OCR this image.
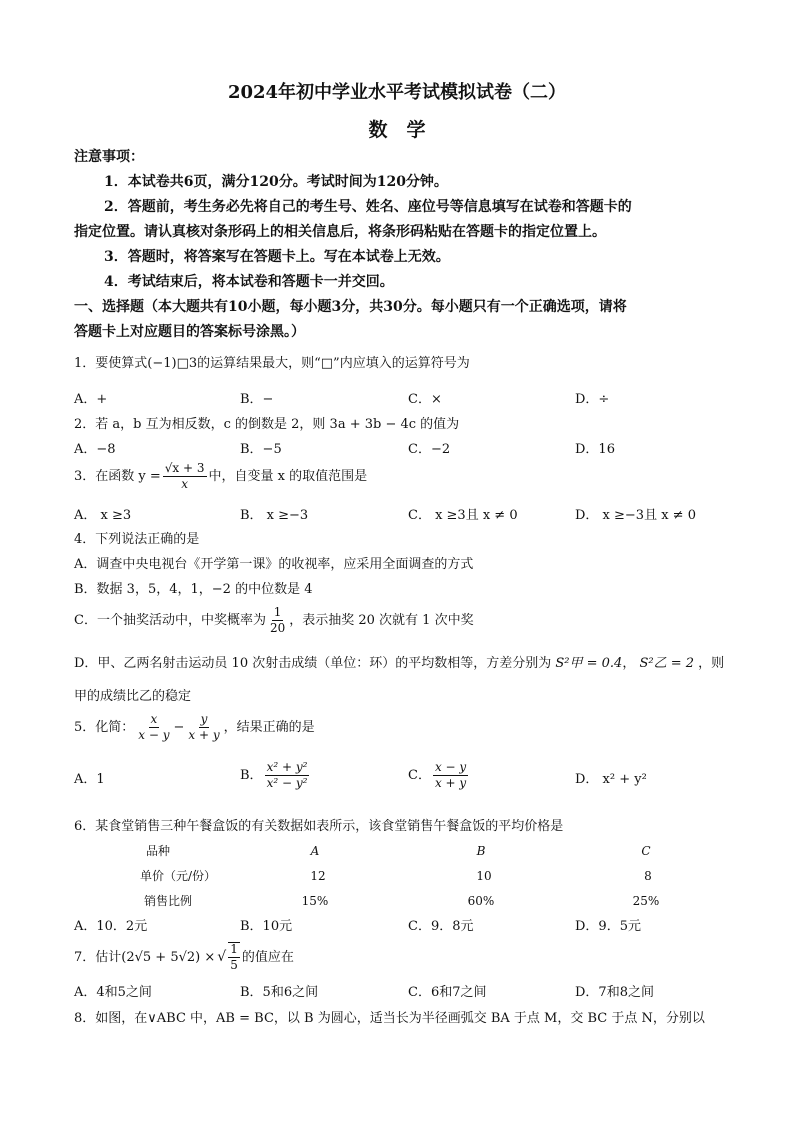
2024年初中学业水平考试模拟试卷（二）
数　学
注意事项：
1．本试卷共6页，满分120分。考试时间为120分钟。
2．答题前，考生务必先将自己的考生号、姓名、座位号等信息填写在试卷和答题卡的
指定位置。请认真核对条形码上的相关信息后，将条形码粘贴在答题卡的指定位置上。
3．答题时，将答案写在答题卡上。写在本试卷上无效。
4．考试结束后，将本试卷和答题卡一并交回。
一、选择题（本大题共有10小题，每小题3分，共30分。每小题只有一个正确选项，请将
答题卡上对应题目的答案标号涂黑。）
1．要使算式(−1)□3的运算结果最大，则“□”内应填入的运算符号为
A．+	B．−	C．×	D．÷
2．若 a，b 互为相反数，c 的倒数是 2，则 3a + 3b − 4c 的值为
A．−8	B．−5	C．−2	D．16
3．在函数 $y = \frac{√x + 3}{x}$ 中，自变量 x 的取值范围是
A． x ≥3	B． x ≥−3	C． x ≥3且 x ≠ 0	D． x ≥−3且 x ≠ 0
4．下列说法正确的是
A．调查中央电视台《开学第一课》的收视率，应采用全面调查的方式
B．数据 3，5，4，1，−2 的中位数是 4
C．一个抽奖活动中，中奖概率为 $\frac{1}{20}$ ，表示抽奖 20 次就有 1 次中奖
D．甲、乙两名射击运动员 10 次射击成绩（单位：环）的平均数相等，方差分别为 S²甲 = 0.4， S²乙 = 2 ，则
甲的成绩比乙的稳定
5．化简： $\frac{x}{x - y} - \frac{y}{x + y}$ ，结果正确的是
A．1	B． $\frac{\text{x² + y²}}{\text{x² − y²}}$	C． $\frac{x - y}{x + y}$	D． x² + y²
6．某食堂销售三种午餐盒饭的有关数据如表所示，该食堂销售午餐盒饭的平均价格是
品种	A	B	C
单价（元/份）	12	10	8
销售比例	15%	60%	25%
A．10．2元	B．10元	C．9．8元	D．9．5元
7．估计 (2√5 + 5√2) × √ $\frac{1}{5}$ 的值应在
A．4和5之间	B．5和6之间	C．6和7之间	D．7和8之间
8．如图，在∨ABC 中，AB = BC，以 B 为圆心，适当长为半径画弧交 BA 于点 M，交 BC 于点 N，分别以
